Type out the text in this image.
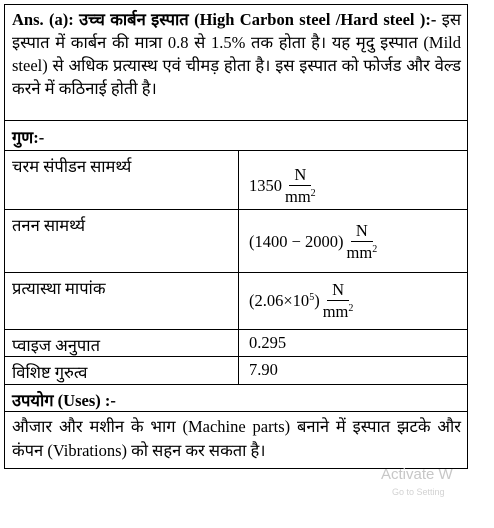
Ans. (a): उच्च कार्बन इस्पात (High Carbon steel /Hard steel ):- इस इस्पात में कार्बन की मात्रा 0.8 से 1.5% तक होता है। यह मृदु इस्पात (Mild steel) से अधिक प्रत्यास्थ एवं चीमड़ होता है। इस इस्पात को फोर्जड और वेल्ड करने में कठिनाई होती है।
गुण:-
चरम संपीडन सामर्थ्य	$1350 \frac{N}{mm^2}$

तनन सामर्थ्य	$(1400 - 2000) \frac{N}{mm^2}$

प्रत्यास्था मापांक	$(2.06\times 10^5) \frac{N}{mm^2}$

प्वाइज अनुपात	0.295
विशिष्ट गुरुत्व	7.90
उपयोग (Uses) :-
औजार और मशीन के भाग (Machine parts) बनाने में इस्पात झटके और कंपन (Vibrations) को सहन कर सकता है।
Activate W
Go to Setting
